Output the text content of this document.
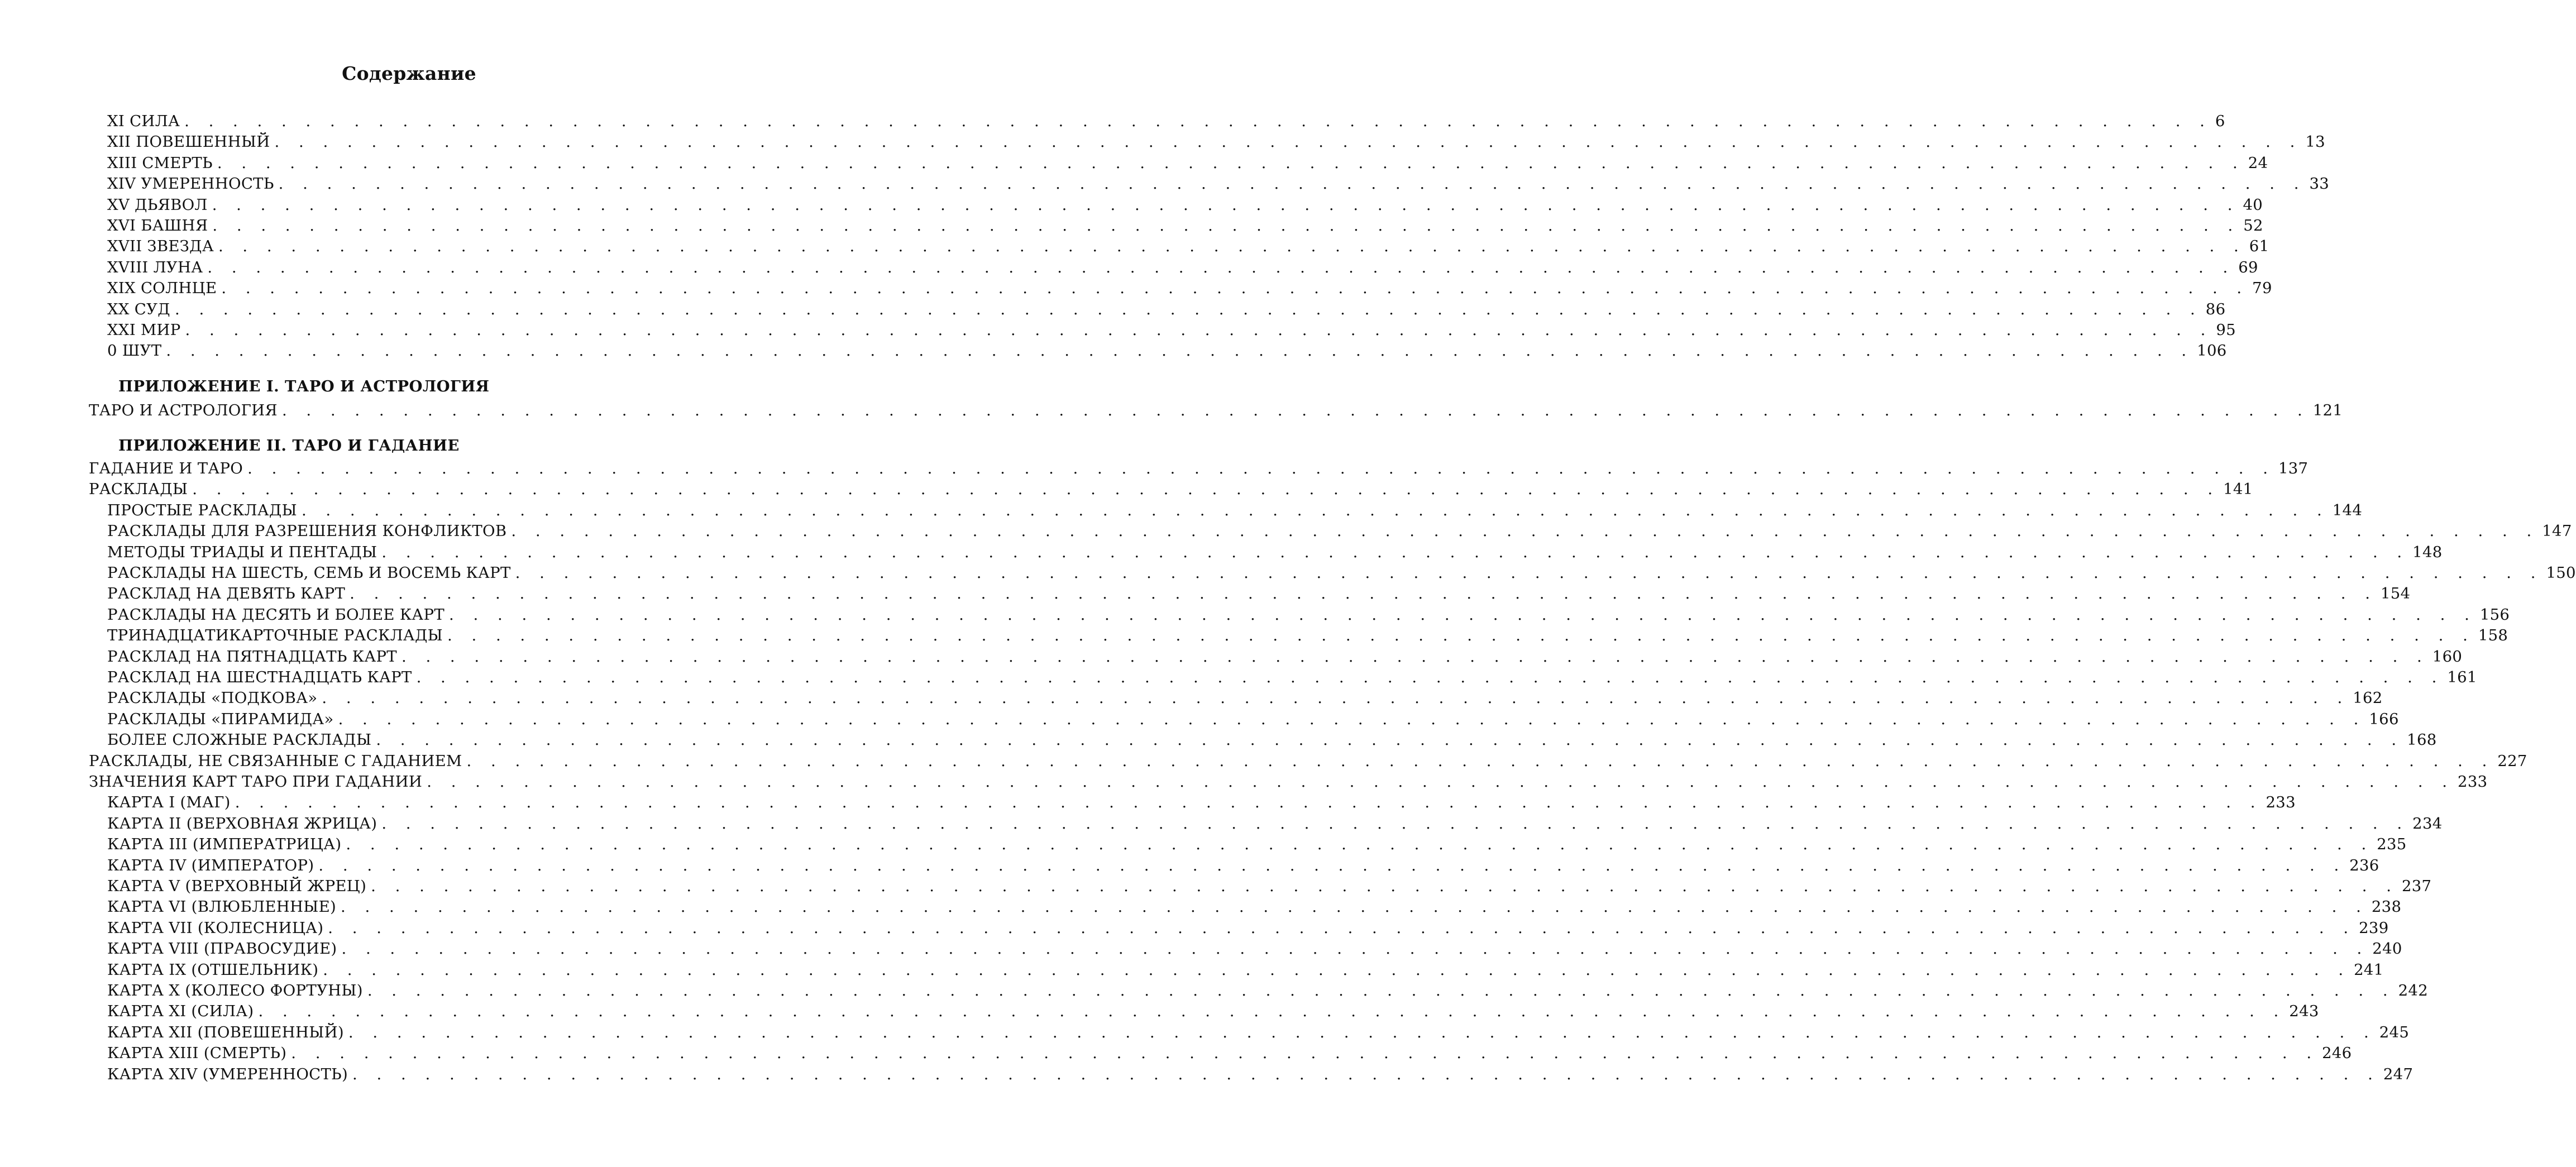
Содержание
XI СИЛА . . . . . . . . . . . . . . . . . . . . . . . . . . . . . . . . . . . . . . . . . . . . . . . . . . . . . . . . . . . . . . . . . . . . . . . . . . . . . . . . . . . . 6
XII ПОВЕШЕННЫЙ . . . . . . . . . . . . . . . . . . . . . . . . . . . . . . . . . . . . . . . . . . . . . . . . . . . . . . . . . . . . . . . . . . . . . . . . . . . . . . . . . . . . 13
XIII СМЕРТЬ . . . . . . . . . . . . . . . . . . . . . . . . . . . . . . . . . . . . . . . . . . . . . . . . . . . . . . . . . . . . . . . . . . . . . . . . . . . . . . . . . . . . 24
XIV УМЕРЕННОСТЬ . . . . . . . . . . . . . . . . . . . . . . . . . . . . . . . . . . . . . . . . . . . . . . . . . . . . . . . . . . . . . . . . . . . . . . . . . . . . . . . . . . . . 33
XV ДЬЯВОЛ . . . . . . . . . . . . . . . . . . . . . . . . . . . . . . . . . . . . . . . . . . . . . . . . . . . . . . . . . . . . . . . . . . . . . . . . . . . . . . . . . . . . 40
XVI БАШНЯ . . . . . . . . . . . . . . . . . . . . . . . . . . . . . . . . . . . . . . . . . . . . . . . . . . . . . . . . . . . . . . . . . . . . . . . . . . . . . . . . . . . . 52
XVII ЗВЕЗДА . . . . . . . . . . . . . . . . . . . . . . . . . . . . . . . . . . . . . . . . . . . . . . . . . . . . . . . . . . . . . . . . . . . . . . . . . . . . . . . . . . . . 61
XVIII ЛУНА . . . . . . . . . . . . . . . . . . . . . . . . . . . . . . . . . . . . . . . . . . . . . . . . . . . . . . . . . . . . . . . . . . . . . . . . . . . . . . . . . . . . 69
XIX СОЛНЦЕ . . . . . . . . . . . . . . . . . . . . . . . . . . . . . . . . . . . . . . . . . . . . . . . . . . . . . . . . . . . . . . . . . . . . . . . . . . . . . . . . . . . . 79
XX СУД . . . . . . . . . . . . . . . . . . . . . . . . . . . . . . . . . . . . . . . . . . . . . . . . . . . . . . . . . . . . . . . . . . . . . . . . . . . . . . . . . . . . 86
XXI МИР . . . . . . . . . . . . . . . . . . . . . . . . . . . . . . . . . . . . . . . . . . . . . . . . . . . . . . . . . . . . . . . . . . . . . . . . . . . . . . . . . . . . 95
0 ШУТ . . . . . . . . . . . . . . . . . . . . . . . . . . . . . . . . . . . . . . . . . . . . . . . . . . . . . . . . . . . . . . . . . . . . . . . . . . . . . . . . . . . . 106
ПРИЛОЖЕНИЕ I. ТАРО И АСТРОЛОГИЯ
ТАРО И АСТРОЛОГИЯ . . . . . . . . . . . . . . . . . . . . . . . . . . . . . . . . . . . . . . . . . . . . . . . . . . . . . . . . . . . . . . . . . . . . . . . . . . . . . . . . . . . . 121
ПРИЛОЖЕНИЕ II. ТАРО И ГАДАНИЕ
ГАДАНИЕ И ТАРО . . . . . . . . . . . . . . . . . . . . . . . . . . . . . . . . . . . . . . . . . . . . . . . . . . . . . . . . . . . . . . . . . . . . . . . . . . . . . . . . . . . . 137
РАСКЛАДЫ . . . . . . . . . . . . . . . . . . . . . . . . . . . . . . . . . . . . . . . . . . . . . . . . . . . . . . . . . . . . . . . . . . . . . . . . . . . . . . . . . . . . 141
ПРОСТЫЕ РАСКЛАДЫ . . . . . . . . . . . . . . . . . . . . . . . . . . . . . . . . . . . . . . . . . . . . . . . . . . . . . . . . . . . . . . . . . . . . . . . . . . . . . . . . . . . . 144
РАСКЛАДЫ ДЛЯ РАЗРЕШЕНИЯ КОНФЛИКТОВ . . . . . . . . . . . . . . . . . . . . . . . . . . . . . . . . . . . . . . . . . . . . . . . . . . . . . . . . . . . . . . . . . . . . . . . . . . . . . . . . . . . . 147
МЕТОДЫ ТРИАДЫ И ПЕНТАДЫ . . . . . . . . . . . . . . . . . . . . . . . . . . . . . . . . . . . . . . . . . . . . . . . . . . . . . . . . . . . . . . . . . . . . . . . . . . . . . . . . . . . . 148
РАСКЛАДЫ НА ШЕСТЬ, СЕМЬ И ВОСЕМЬ КАРТ . . . . . . . . . . . . . . . . . . . . . . . . . . . . . . . . . . . . . . . . . . . . . . . . . . . . . . . . . . . . . . . . . . . . . . . . . . . . . . . . . . . . 150
РАСКЛАД НА ДЕВЯТЬ КАРТ . . . . . . . . . . . . . . . . . . . . . . . . . . . . . . . . . . . . . . . . . . . . . . . . . . . . . . . . . . . . . . . . . . . . . . . . . . . . . . . . . . . . 154
РАСКЛАДЫ НА ДЕСЯТЬ И БОЛЕЕ КАРТ . . . . . . . . . . . . . . . . . . . . . . . . . . . . . . . . . . . . . . . . . . . . . . . . . . . . . . . . . . . . . . . . . . . . . . . . . . . . . . . . . . . . 156
ТРИНАДЦАТИКАРТОЧНЫЕ РАСКЛАДЫ . . . . . . . . . . . . . . . . . . . . . . . . . . . . . . . . . . . . . . . . . . . . . . . . . . . . . . . . . . . . . . . . . . . . . . . . . . . . . . . . . . . . 158
РАСКЛАД НА ПЯТНАДЦАТЬ КАРТ . . . . . . . . . . . . . . . . . . . . . . . . . . . . . . . . . . . . . . . . . . . . . . . . . . . . . . . . . . . . . . . . . . . . . . . . . . . . . . . . . . . . 160
РАСКЛАД НА ШЕСТНАДЦАТЬ КАРТ . . . . . . . . . . . . . . . . . . . . . . . . . . . . . . . . . . . . . . . . . . . . . . . . . . . . . . . . . . . . . . . . . . . . . . . . . . . . . . . . . . . . 161
РАСКЛАДЫ «ПОДКОВА» . . . . . . . . . . . . . . . . . . . . . . . . . . . . . . . . . . . . . . . . . . . . . . . . . . . . . . . . . . . . . . . . . . . . . . . . . . . . . . . . . . . . 162
РАСКЛАДЫ «ПИРАМИДА» . . . . . . . . . . . . . . . . . . . . . . . . . . . . . . . . . . . . . . . . . . . . . . . . . . . . . . . . . . . . . . . . . . . . . . . . . . . . . . . . . . . . 166
БОЛЕЕ СЛОЖНЫЕ РАСКЛАДЫ . . . . . . . . . . . . . . . . . . . . . . . . . . . . . . . . . . . . . . . . . . . . . . . . . . . . . . . . . . . . . . . . . . . . . . . . . . . . . . . . . . . . 168
РАСКЛАДЫ, НЕ СВЯЗАННЫЕ С ГАДАНИЕМ . . . . . . . . . . . . . . . . . . . . . . . . . . . . . . . . . . . . . . . . . . . . . . . . . . . . . . . . . . . . . . . . . . . . . . . . . . . . . . . . . . . . 227
ЗНАЧЕНИЯ КАРТ ТАРО ПРИ ГАДАНИИ . . . . . . . . . . . . . . . . . . . . . . . . . . . . . . . . . . . . . . . . . . . . . . . . . . . . . . . . . . . . . . . . . . . . . . . . . . . . . . . . . . . . 233
КАРТА I (МАГ) . . . . . . . . . . . . . . . . . . . . . . . . . . . . . . . . . . . . . . . . . . . . . . . . . . . . . . . . . . . . . . . . . . . . . . . . . . . . . . . . . . . . 233
КАРТА II (ВЕРХОВНАЯ ЖРИЦА) . . . . . . . . . . . . . . . . . . . . . . . . . . . . . . . . . . . . . . . . . . . . . . . . . . . . . . . . . . . . . . . . . . . . . . . . . . . . . . . . . . . . 234
КАРТА III (ИМПЕРАТРИЦА) . . . . . . . . . . . . . . . . . . . . . . . . . . . . . . . . . . . . . . . . . . . . . . . . . . . . . . . . . . . . . . . . . . . . . . . . . . . . . . . . . . . . 235
КАРТА IV (ИМПЕРАТОР) . . . . . . . . . . . . . . . . . . . . . . . . . . . . . . . . . . . . . . . . . . . . . . . . . . . . . . . . . . . . . . . . . . . . . . . . . . . . . . . . . . . . 236
КАРТА V (ВЕРХОВНЫЙ ЖРЕЦ) . . . . . . . . . . . . . . . . . . . . . . . . . . . . . . . . . . . . . . . . . . . . . . . . . . . . . . . . . . . . . . . . . . . . . . . . . . . . . . . . . . . . 237
КАРТА VI (ВЛЮБЛЕННЫЕ) . . . . . . . . . . . . . . . . . . . . . . . . . . . . . . . . . . . . . . . . . . . . . . . . . . . . . . . . . . . . . . . . . . . . . . . . . . . . . . . . . . . . 238
КАРТА VII (КОЛЕСНИЦА) . . . . . . . . . . . . . . . . . . . . . . . . . . . . . . . . . . . . . . . . . . . . . . . . . . . . . . . . . . . . . . . . . . . . . . . . . . . . . . . . . . . . 239
КАРТА VIII (ПРАВОСУДИЕ) . . . . . . . . . . . . . . . . . . . . . . . . . . . . . . . . . . . . . . . . . . . . . . . . . . . . . . . . . . . . . . . . . . . . . . . . . . . . . . . . . . . . 240
КАРТА IX (ОТШЕЛЬНИК) . . . . . . . . . . . . . . . . . . . . . . . . . . . . . . . . . . . . . . . . . . . . . . . . . . . . . . . . . . . . . . . . . . . . . . . . . . . . . . . . . . . . 241
КАРТА X (КОЛЕСО ФОРТУНЫ) . . . . . . . . . . . . . . . . . . . . . . . . . . . . . . . . . . . . . . . . . . . . . . . . . . . . . . . . . . . . . . . . . . . . . . . . . . . . . . . . . . . . 242
КАРТА XI (СИЛА) . . . . . . . . . . . . . . . . . . . . . . . . . . . . . . . . . . . . . . . . . . . . . . . . . . . . . . . . . . . . . . . . . . . . . . . . . . . . . . . . . . . . 243
КАРТА XII (ПОВЕШЕННЫЙ) . . . . . . . . . . . . . . . . . . . . . . . . . . . . . . . . . . . . . . . . . . . . . . . . . . . . . . . . . . . . . . . . . . . . . . . . . . . . . . . . . . . . 245
КАРТА XIII (СМЕРТЬ) . . . . . . . . . . . . . . . . . . . . . . . . . . . . . . . . . . . . . . . . . . . . . . . . . . . . . . . . . . . . . . . . . . . . . . . . . . . . . . . . . . . . 246
КАРТА XIV (УМЕРЕННОСТЬ) . . . . . . . . . . . . . . . . . . . . . . . . . . . . . . . . . . . . . . . . . . . . . . . . . . . . . . . . . . . . . . . . . . . . . . . . . . . . . . . . . . . . 247
